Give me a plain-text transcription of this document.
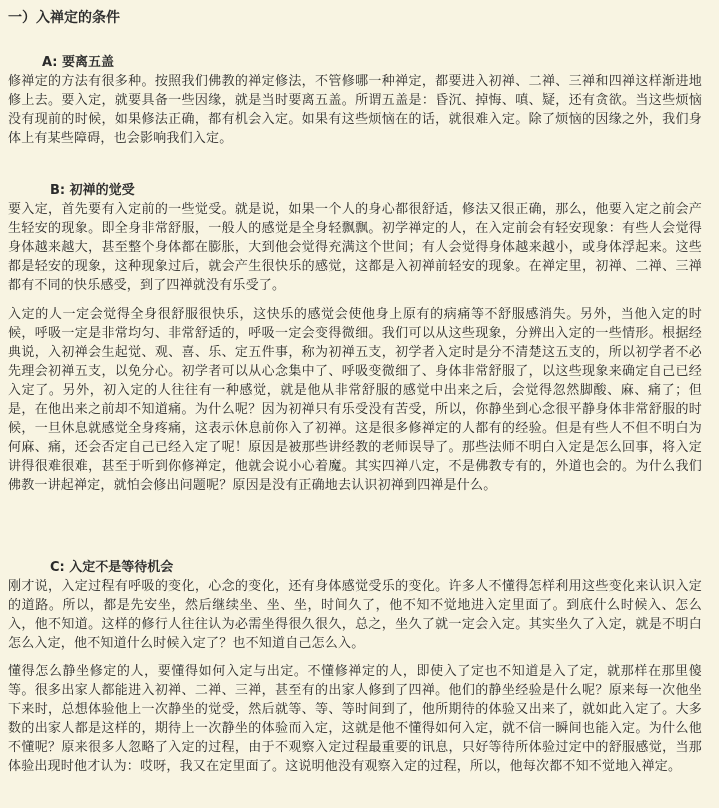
一）入禅定的条件
A: 要离五盖
修禅定的方法有很多种。按照我们佛教的禅定修法，不管修哪一种禅定，都要进入初禅、二禅、三禅和四禅这样渐进地修上去。要入定，就要具备一些因缘，就是当时要离五盖。所谓五盖是：昏沉、掉悔、嗔、疑，还有贪欲。当这些烦恼没有现前的时候，如果修法正确，都有机会入定。如果有这些烦恼在的话，就很难入定。除了烦恼的因缘之外，我们身体上有某些障碍，也会影响我们入定。
B: 初禅的觉受
要入定，首先要有入定前的一些觉受。就是说，如果一个人的身心都很舒适，修法又很正确，那么，他要入定之前会产生轻安的现象。即全身非常舒服，一般人的感觉是全身轻飘飘。初学禅定的人，在入定前会有轻安现象：有些人会觉得身体越来越大，甚至整个身体都在膨胀，大到他会觉得充满这个世间；有人会觉得身体越来越小，或身体浮起来。这些都是轻安的现象，这种现象过后，就会产生很快乐的感觉，这都是入初禅前轻安的现象。在禅定里，初禅、二禅、三禅都有不同的快乐感受，到了四禅就没有乐受了。
入定的人一定会觉得全身很舒服很快乐，这快乐的感觉会使他身上原有的病痛等不舒服感消失。另外，当他入定的时候，呼吸一定是非常均匀、非常舒适的，呼吸一定会变得微细。我们可以从这些现象，分辨出入定的一些情形。根据经典说，入初禅会生起觉、观、喜、乐、定五件事，称为初禅五支，初学者入定时是分不清楚这五支的，所以初学者不必先理会初禅五支，以免分心。初学者可以从心念集中了、呼吸变微细了、身体非常舒服了，以这些现象来确定自己已经入定了。另外，初入定的人往往有一种感觉，就是他从非常舒服的感觉中出来之后，会觉得忽然脚酸、麻、痛了；但是，在他出来之前却不知道痛。为什么呢？因为初禅只有乐受没有苦受，所以，你静坐到心念很平静身体非常舒服的时候，一旦休息就感觉全身疼痛，这表示休息前你入了初禅。这是很多修禅定的人都有的经验。但是有些人不但不明白为何麻、痛，还会否定自己已经入定了呢！原因是被那些讲经教的老师误导了。那些法师不明白入定是怎么回事，将入定讲得很难很难，甚至于听到你修禅定，他就会说小心着魔。其实四禅八定，不是佛教专有的，外道也会的。为什么我们佛教一讲起禅定，就怕会修出问题呢？原因是没有正确地去认识初禅到四禅是什么。
C: 入定不是等待机会
刚才说，入定过程有呼吸的变化，心念的变化，还有身体感觉受乐的变化。许多人不懂得怎样利用这些变化来认识入定的道路。所以，都是先安坐，然后继续坐、坐、坐，时间久了，他不知不觉地进入定里面了。到底什么时候入、怎么入，他不知道。这样的修行人往往认为必需坐得很久很久，总之，坐久了就一定会入定。其实坐久了入定，就是不明白怎么入定，他不知道什么时候入定了？也不知道自己怎么入。
懂得怎么静坐修定的人，要懂得如何入定与出定。不懂修禅定的人，即使入了定也不知道是入了定，就那样在那里傻等。很多出家人都能进入初禅、二禅、三禅，甚至有的出家人修到了四禅。他们的静坐经验是什么呢？原来每一次他坐下来时，总想体验他上一次静坐的觉受，然后就等、等、等时间到了，他所期待的体验又出来了，就如此入定了。大多数的出家人都是这样的，期待上一次静坐的体验而入定，这就是他不懂得如何入定，就不信一瞬间也能入定。为什么他不懂呢？原来很多人忽略了入定的过程，由于不观察入定过程最重要的讯息，只好等待所体验过定中的舒服感觉，当那体验出现时他才认为：哎呀，我又在定里面了。这说明他没有观察入定的过程，所以，他每次都不知不觉地入禅定。
